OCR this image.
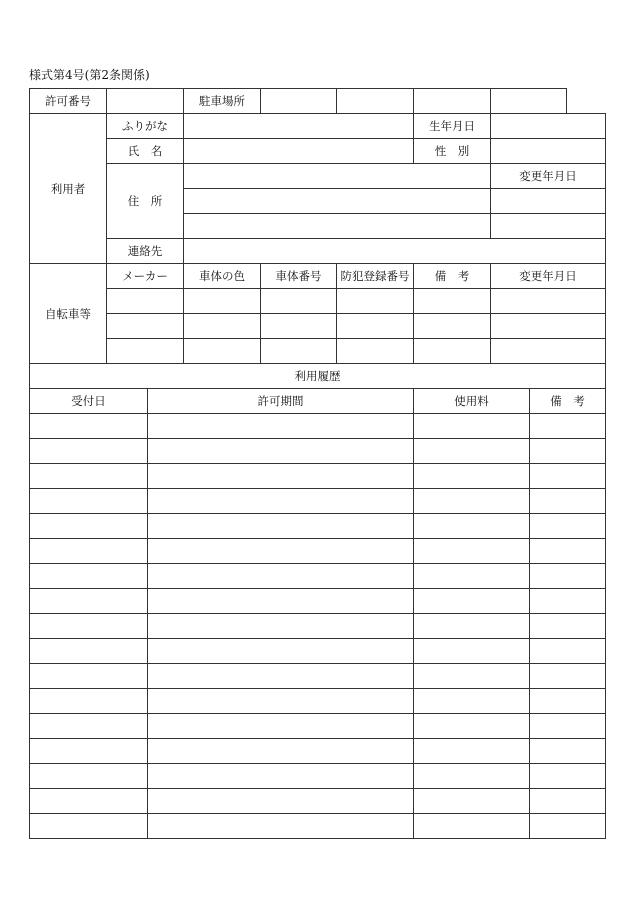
様式第4号(第2条関係)
許可番号			駐車場所						
利用者	ふりがな					生年月日			
	氏　名					性　別			
	住　所						変更年月日		

	連絡先								
自転車等	メーカー		車体の色	車体番号	防犯登録番号	備　考	変更年月日		

利用履歴									
受付日		許可期間				使用料		備　考	
